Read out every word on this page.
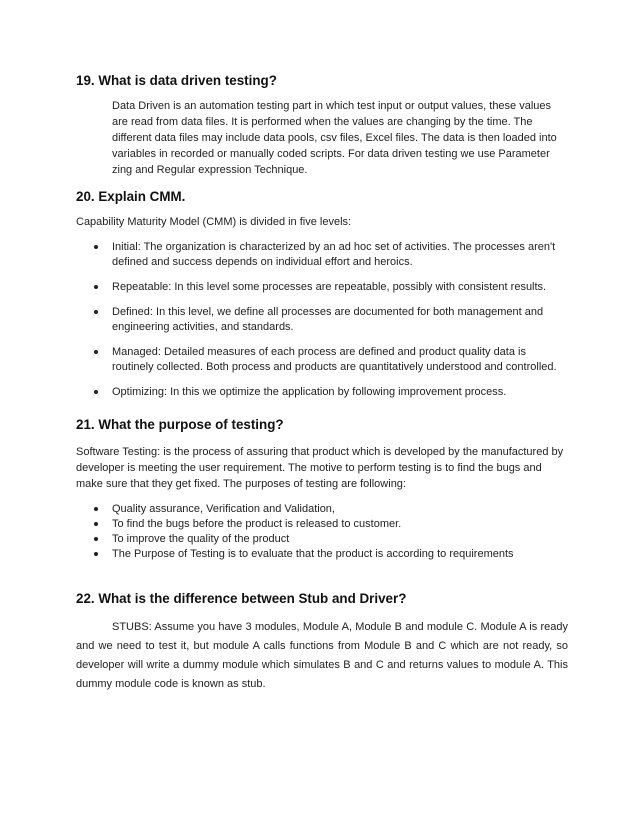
19. What is data driven testing?

Data Driven is an automation testing part in which test input or output values, these values are read from data files. It is performed when the values are changing by the time. The different data files may include data pools, csv files, Excel files. The data is then loaded into variables in recorded or manually coded scripts. For data driven testing we use Parameter zing and Regular expression Technique.

20. Explain CMM.

Capability Maturity Model (CMM) is divided in five levels:

Initial: The organization is characterized by an ad hoc set of activities. The processes aren't defined and success depends on individual effort and heroics.
Repeatable: In this level some processes are repeatable, possibly with consistent results.
Defined: In this level, we define all processes are documented for both management and engineering activities, and standards.
Managed: Detailed measures of each process are defined and product quality data is routinely collected. Both process and products are quantitatively understood and controlled.
Optimizing: In this we optimize the application by following improvement process.
21. What the purpose of testing?

Software Testing: is the process of assuring that product which is developed by the manufactured by developer is meeting the user requirement. The motive to perform testing is to find the bugs and make sure that they get fixed. The purposes of testing are following:

Quality assurance, Verification and Validation,
To find the bugs before the product is released to customer.
To improve the quality of the product
The Purpose of Testing is to evaluate that the product is according to requirements
22. What is the difference between Stub and Driver?

STUBS: Assume you have 3 modules, Module A, Module B and module C. Module A is ready and we need to test it, but module A calls functions from Module B and C which are not ready, so developer will write a dummy module which simulates B and C and returns values to module A. This dummy module code is known as stub.
